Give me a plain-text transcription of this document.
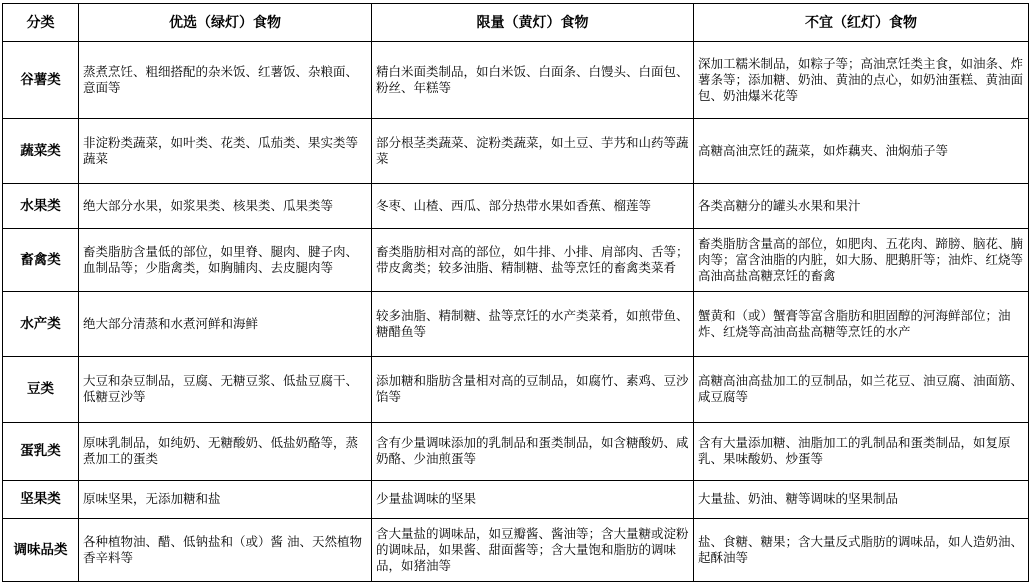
分类	优选（绿灯）食物	限量（黄灯）食物	不宜（红灯）食物
谷薯类	蒸煮烹饪、粗细搭配的杂米饭、红薯饭、杂粮面、意面等	精白米面类制品，如白米饭、白面条、白馒头、白面包、粉丝、年糕等	深加工糯米制品，如粽子等；高油烹饪类主食，如油条、炸薯条等；添加糖、奶油、黄油的点心，如奶油蛋糕、黄油面包、奶油爆米花等
蔬菜类	非淀粉类蔬菜，如叶类、花类、瓜茄类、果实类等蔬菜	部分根茎类蔬菜、淀粉类蔬菜，如土豆、芋艿和山药等蔬菜	高糖高油烹饪的蔬菜，如炸藕夹、油焖茄子等
水果类	绝大部分水果，如浆果类、核果类、瓜果类等	冬枣、山楂、西瓜、部分热带水果如香蕉、榴莲等	各类高糖分的罐头水果和果汁
畜禽类	畜类脂肪含量低的部位，如里脊、腿肉、腱子肉、血制品等；少脂禽类，如胸脯肉、去皮腿肉等	畜类脂肪相对高的部位，如牛排、小排、肩部肉、舌等；带皮禽类；较多油脂、精制糖、盐等烹饪的畜禽类菜肴	畜类脂肪含量高的部位，如肥肉、五花肉、蹄膀、脑花、腩肉等；富含油脂的内脏，如大肠、肥鹅肝等；油炸、红烧等高油高盐高糖烹饪的畜禽
水产类	绝大部分清蒸和水煮河鲜和海鲜	较多油脂、精制糖、盐等烹饪的水产类菜肴，如煎带鱼、糖醋鱼等	蟹黄和（或）蟹膏等富含脂肪和胆固醇的河海鲜部位；油炸、红烧等高油高盐高糖等烹饪的水产
豆类	大豆和杂豆制品，豆腐、无糖豆浆、低盐豆腐干、低糖豆沙等	添加糖和脂肪含量相对高的豆制品，如腐竹、素鸡、豆沙馅等	高糖高油高盐加工的豆制品，如兰花豆、油豆腐、油面筋、咸豆腐等
蛋乳类	原味乳制品，如纯奶、无糖酸奶、低盐奶酪等，蒸煮加工的蛋类	含有少量调味添加的乳制品和蛋类制品，如含糖酸奶、咸奶酪、少油煎蛋等	含有大量添加糖、油脂加工的乳制品和蛋类制品，如复原乳、果味酸奶、炒蛋等
坚果类	原味坚果，无添加糖和盐	少量盐调味的坚果	大量盐、奶油、糖等调味的坚果制品
调味品类	各种植物油、醋、低钠盐和（或）酱 油、天然植物香辛料等	含大量盐的调味品，如豆瓣酱、酱油等；含大量糖或淀粉的调味品，如果酱、甜面酱等；含大量饱和脂肪的调味品，如猪油等	盐、食糖、糖果；含大量反式脂肪的调味品，如人造奶油、起酥油等
